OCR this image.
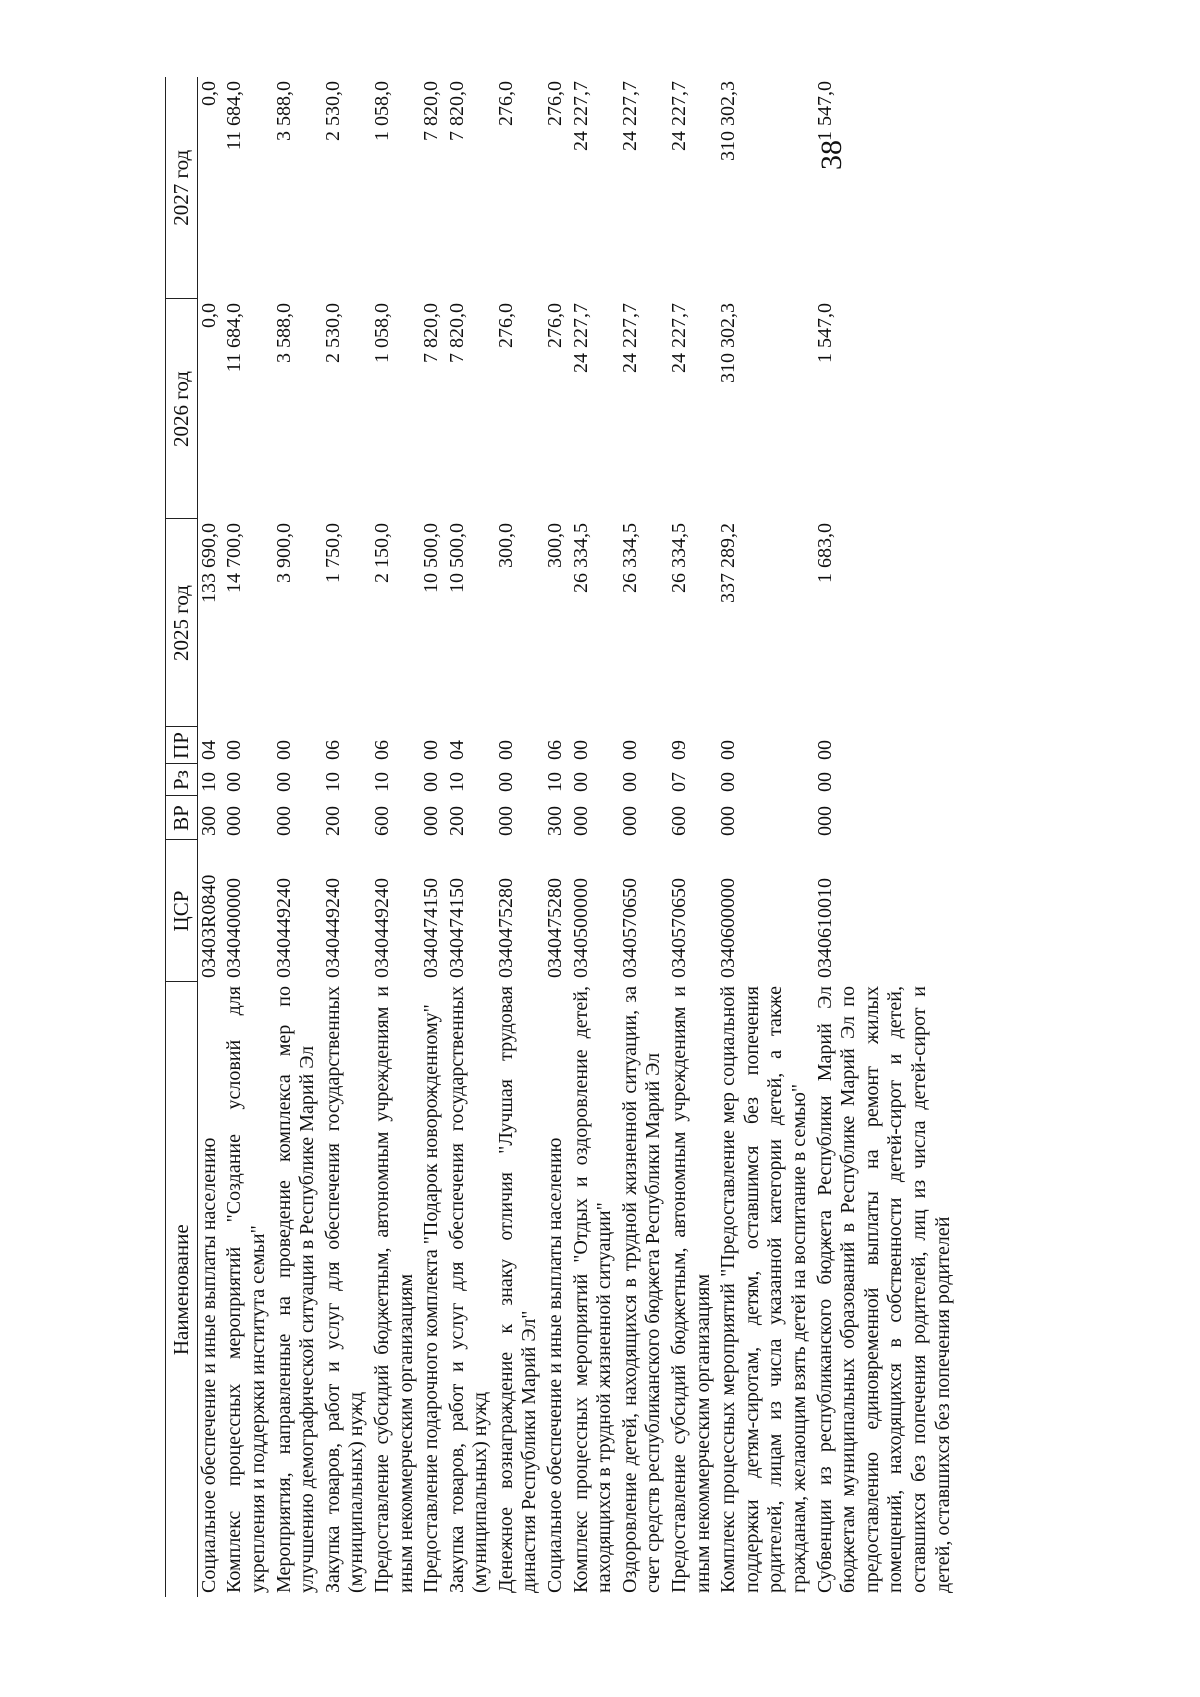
38
Наименование	ЦСР	ВР	Рз	ПР	2025 год	2026 год	2027 год
Социальное обеспечение и иные выплаты населению	03403R0840	300	10	04	133 690,0	0,0	0,0
Комплекс процессных мероприятий "Создание условий для укрепления и поддержки института семьи"	0340400000	000	00	00	14 700,0	11 684,0	11 684,0
Мероприятия, направленные на проведение комплекса мер по улучшению демографической ситуации в Республике Марий Эл	0340449240	000	00	00	3 900,0	3 588,0	3 588,0
Закупка товаров, работ и услуг для обеспечения государственных (муниципальных) нужд	0340449240	200	10	06	1 750,0	2 530,0	2 530,0
Предоставление субсидий бюджетным, автономным учреждениям и иным некоммерческим организациям	0340449240	600	10	06	2 150,0	1 058,0	1 058,0
Предоставление подарочного комплекта "Подарок новорожденному"	0340474150	000	00	00	10 500,0	7 820,0	7 820,0
Закупка товаров, работ и услуг для обеспечения государственных (муниципальных) нужд	0340474150	200	10	04	10 500,0	7 820,0	7 820,0
Денежное вознаграждение к знаку отличия "Лучшая трудовая династия Республики Марий Эл"	0340475280	000	00	00	300,0	276,0	276,0
Социальное обеспечение и иные выплаты населению	0340475280	300	10	06	300,0	276,0	276,0
Комплекс процессных мероприятий "Отдых и оздоровление детей, находящихся в трудной жизненной ситуации"	0340500000	000	00	00	26 334,5	24 227,7	24 227,7
Оздоровление детей, находящихся в трудной жизненной ситуации, за счет средств республиканского бюджета Республики Марий Эл	0340570650	000	00	00	26 334,5	24 227,7	24 227,7
Предоставление субсидий бюджетным, автономным учреждениям и иным некоммерческим организациям	0340570650	600	07	09	26 334,5	24 227,7	24 227,7
Комплекс процессных мероприятий "Предоставление мер социальной поддержки детям-сиротам, детям, оставшимся без попечения родителей, лицам из числа указанной категории детей, а также гражданам, желающим взять детей на воспитание в семью"	0340600000	000	00	00	337 289,2	310 302,3	310 302,3
Субвенции из республиканского бюджета Республики Марий Эл бюджетам муниципальных образований в Республике Марий Эл по предоставлению единовременной выплаты на ремонт жилых помещений, находящихся в собственности детей-сирот и детей, оставшихся без попечения родителей, лиц из числа детей-сирот и детей, оставшихся без попечения родителей	0340610010	000	00	00	1 683,0	1 547,0	1 547,0
